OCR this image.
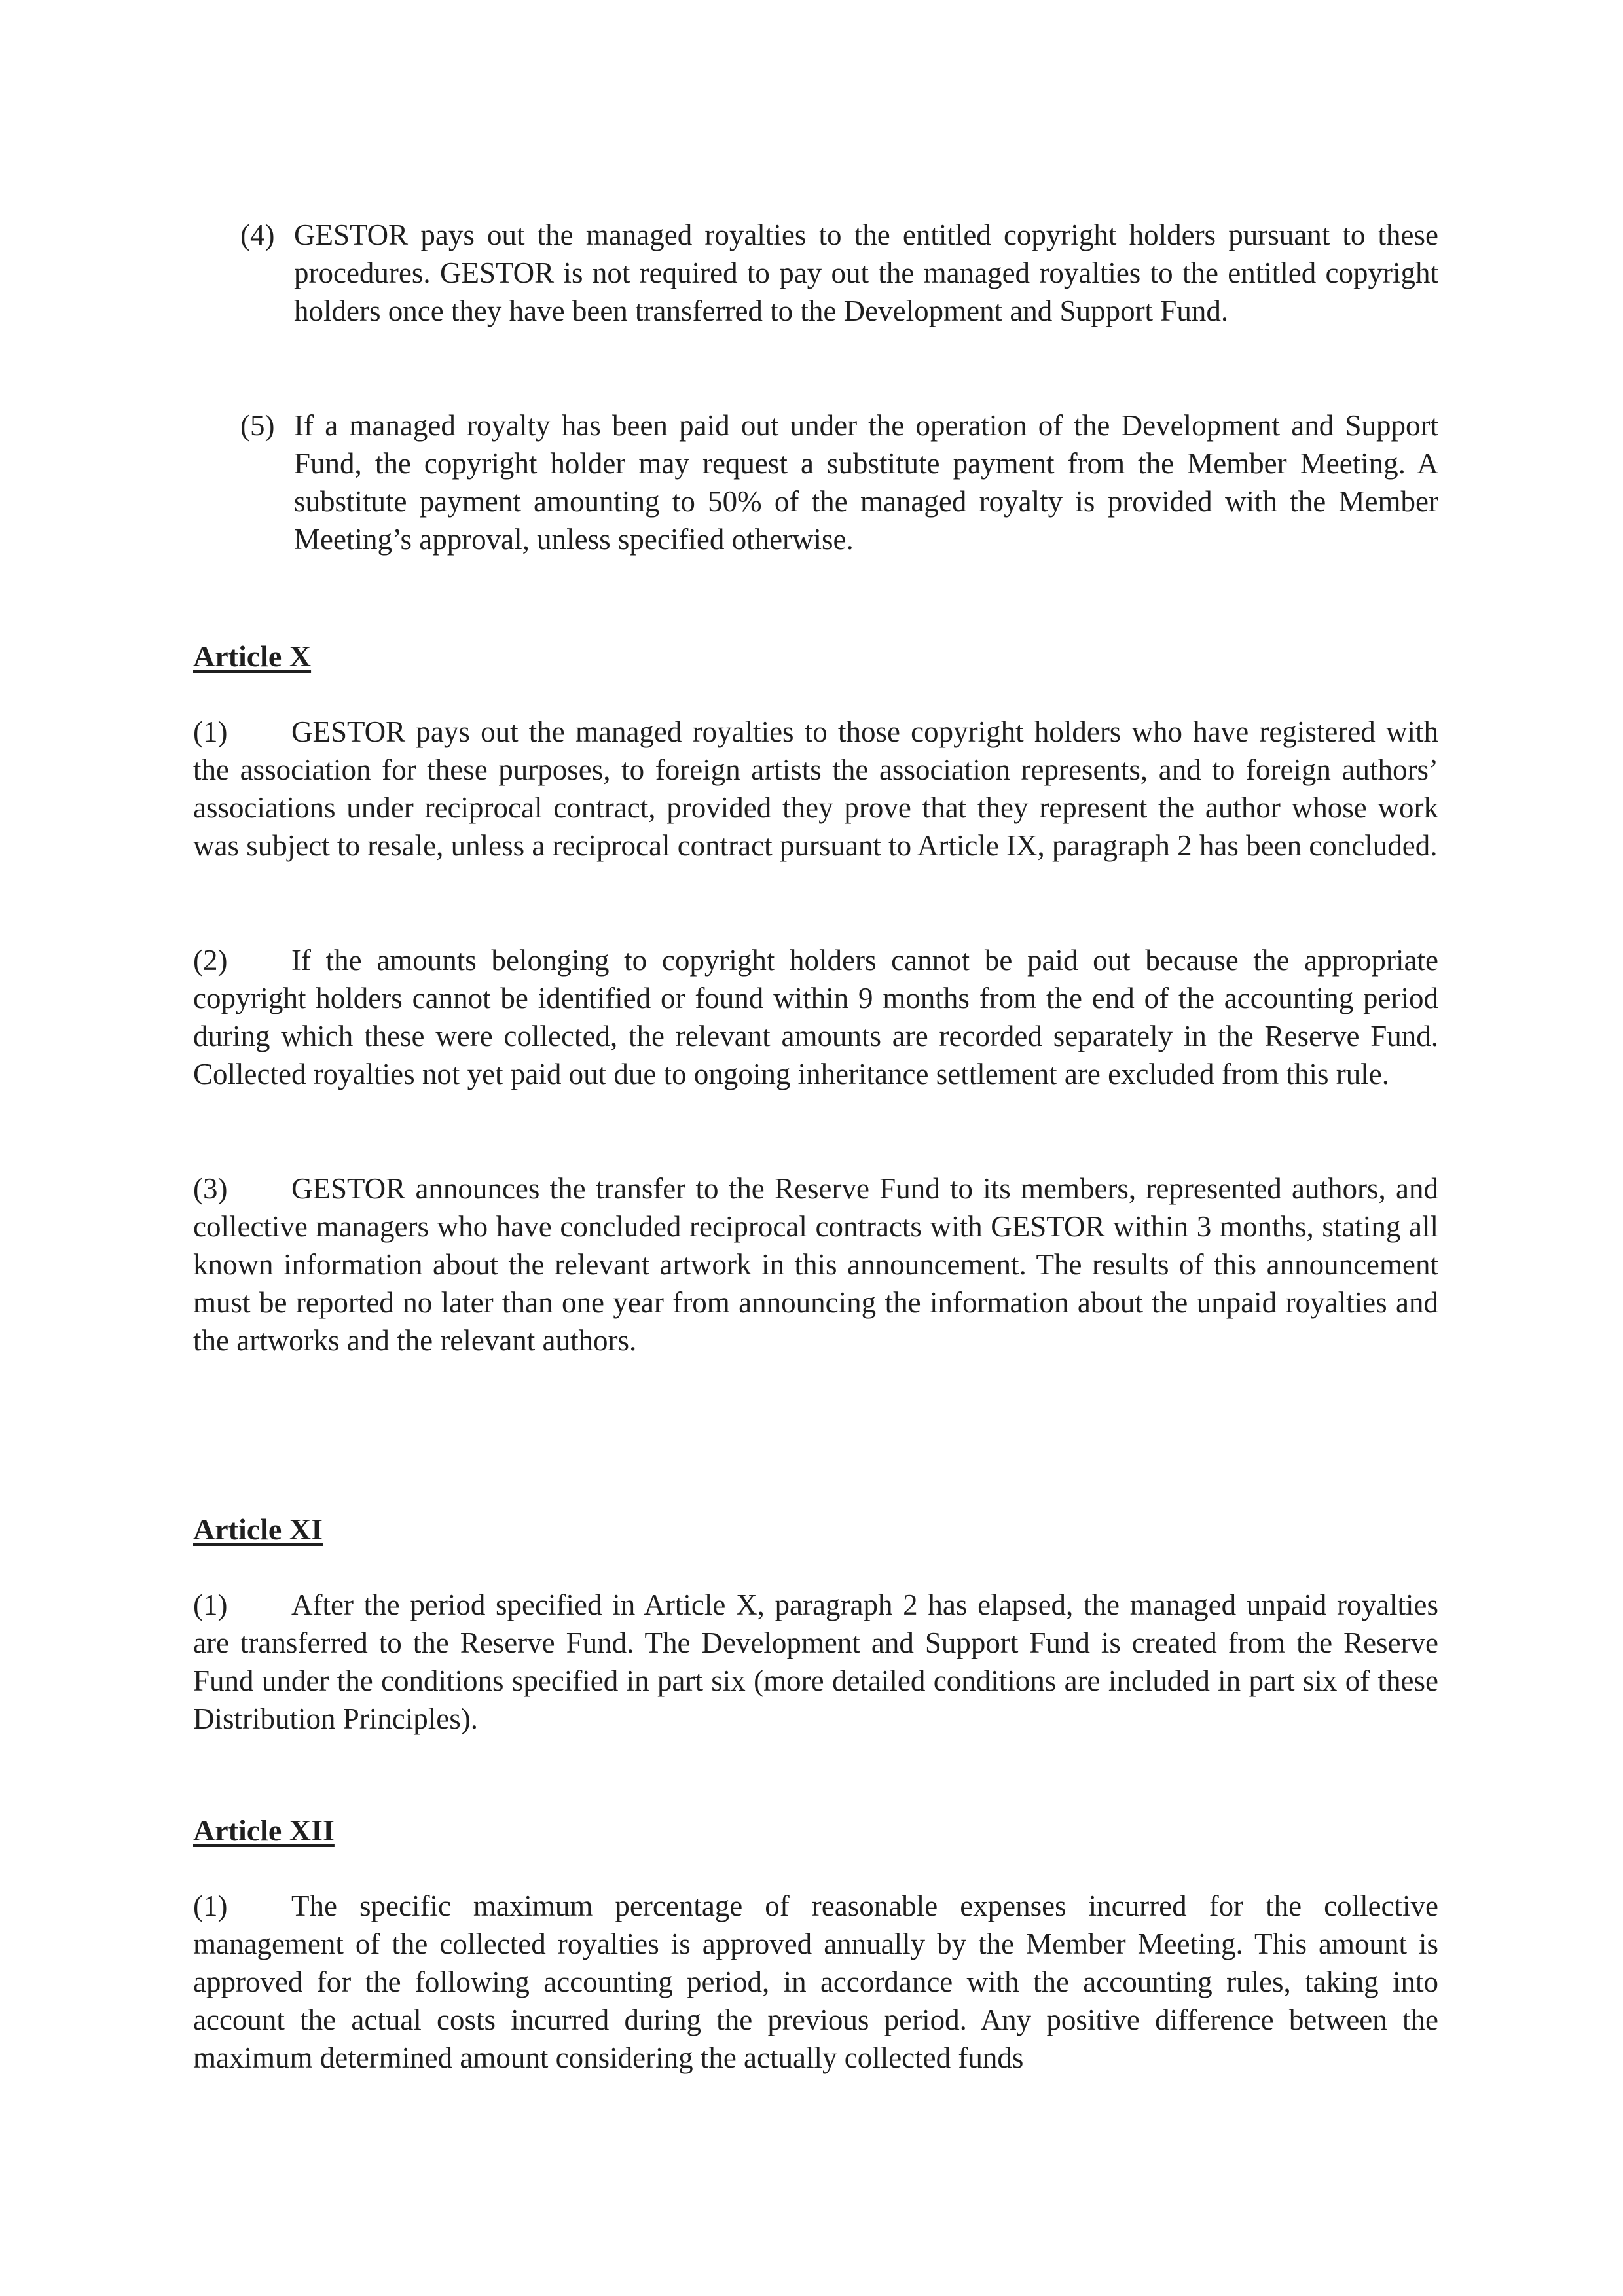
(4) GESTOR pays out the managed royalties to the entitled copyright holders pursuant to these procedures. GESTOR is not required to pay out the managed royalties to the entitled copyright holders once they have been transferred to the Development and Support Fund.
(5) If a managed royalty has been paid out under the operation of the Development and Support Fund, the copyright holder may request a substitute payment from the Member Meeting. A substitute payment amounting to 50% of the managed royalty is provided with the Member Meeting’s approval, unless specified otherwise.
Article X

(1) GESTOR pays out the managed royalties to those copyright holders who have registered with the association for these purposes, to foreign artists the association represents, and to foreign authors’ associations under reciprocal contract, provided they prove that they represent the author whose work was subject to resale, unless a reciprocal contract pursuant to Article IX, paragraph 2 has been concluded.

(2) If the amounts belonging to copyright holders cannot be paid out because the appropriate copyright holders cannot be identified or found within 9 months from the end of the accounting period during which these were collected, the relevant amounts are recorded separately in the Reserve Fund. Collected royalties not yet paid out due to ongoing inheritance settlement are excluded from this rule.

(3) GESTOR announces the transfer to the Reserve Fund to its members, represented authors, and collective managers who have concluded reciprocal contracts with GESTOR within 3 months, stating all known information about the relevant artwork in this announcement. The results of this announcement must be reported no later than one year from announcing the information about the unpaid royalties and the artworks and the relevant authors.

Article XI

(1) After the period specified in Article X, paragraph 2 has elapsed, the managed unpaid royalties are transferred to the Reserve Fund. The Development and Support Fund is created from the Reserve Fund under the conditions specified in part six (more detailed conditions are included in part six of these Distribution Principles).

Article XII

(1) The specific maximum percentage of reasonable expenses incurred for the collective management of the collected royalties is approved annually by the Member Meeting. This amount is approved for the following accounting period, in accordance with the accounting rules, taking into account the actual costs incurred during the previous period. Any positive difference between the maximum determined amount considering the actually collected funds
